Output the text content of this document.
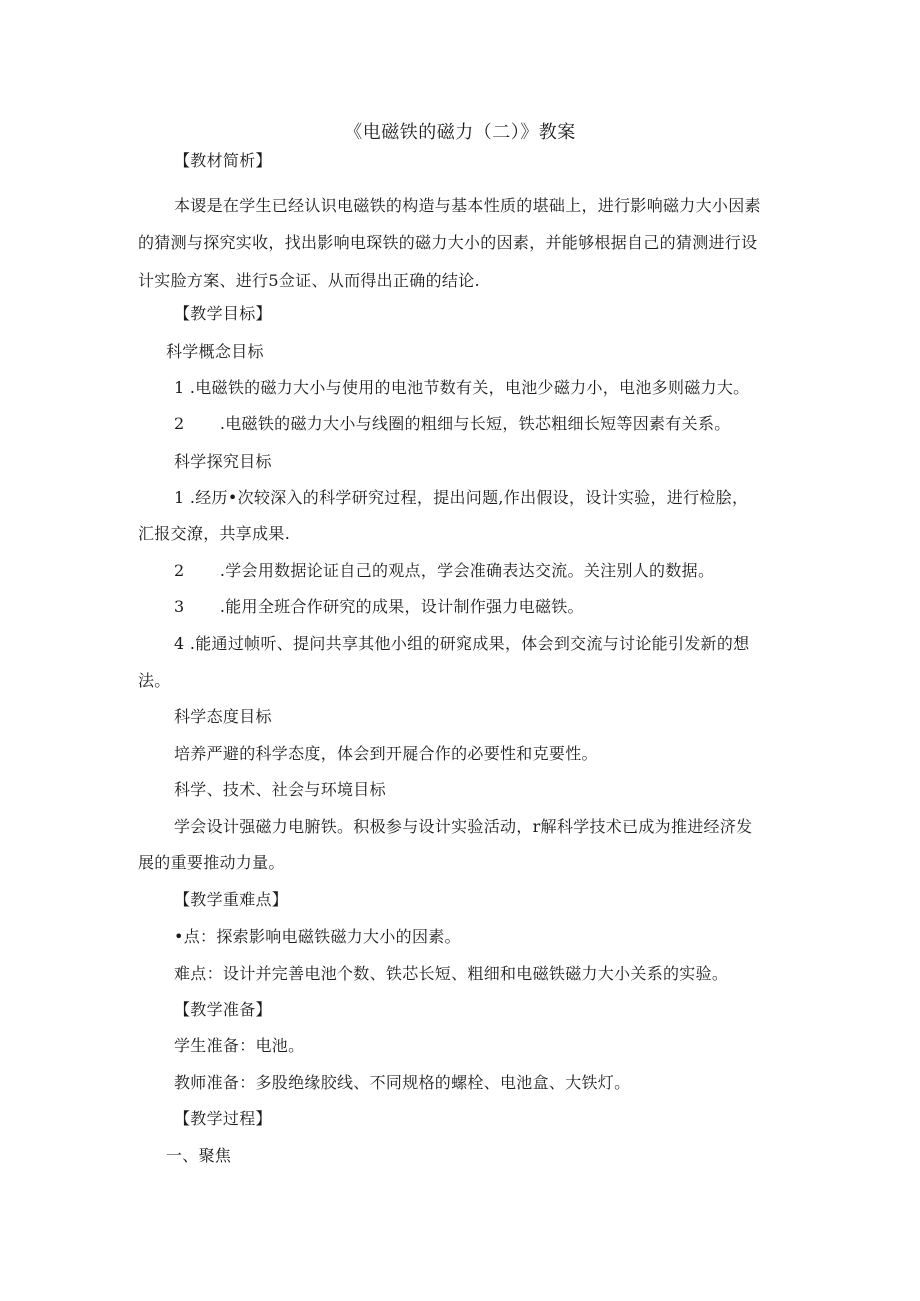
《电磁铁的磁力（二）》教案
【教材简析】
本谡是在学生已经认识电磁铁的构造与基本性质的堪础上，进行影响磁力大小因素
的猜测与探究实收，找出影响电琛铁的磁力大小的因素，并能够根据自己的猜测进行设
计实脸方案、进行5佥证、从而得出正确的结论.
【教学目标】
科学概念目标
1 .电磁铁的磁力大小与使用的电池节数有关，电池少磁力小，电池多则磁力大。
2 .电磁铁的磁力大小与线圈的粗细与长短，铁芯粗细长短等因素有关系。
科学探究目标
1 .经历•次较深入的科学研究过程，提出问题,作出假设，设计实验，进行检脍，
汇报交潦，共享成果.
2 .学会用数据论证自己的观点，学会准确表达交流。关注别人的数据。
3 .能用全班合作研究的成果，设计制作强力电磁铁。
4 .能通过帧听、提问共享其他小组的研窕成果，体会到交流与讨论能引发新的想
法。
科学态度目标
培养严避的科学态度，体会到开屣合作的必要性和克要性。
科学、技术、社会与环境目标
学会设计强磁力电腑铁。积极参与设计实验活动，r解科学技术已成为推进经济发
展的重要推动力量。
【教学重难点】
•点：探索影响电磁铁磁力大小的因素。
难点：设计并完善电池个数、铁芯长短、粗细和电磁铁磁力大小关系的实验。
【教学准备】
学生准备：电池。
教师准备：多股绝缘胶线、不同规格的螺栓、电池盒、大铁灯。
【教学过程】
一、聚焦
